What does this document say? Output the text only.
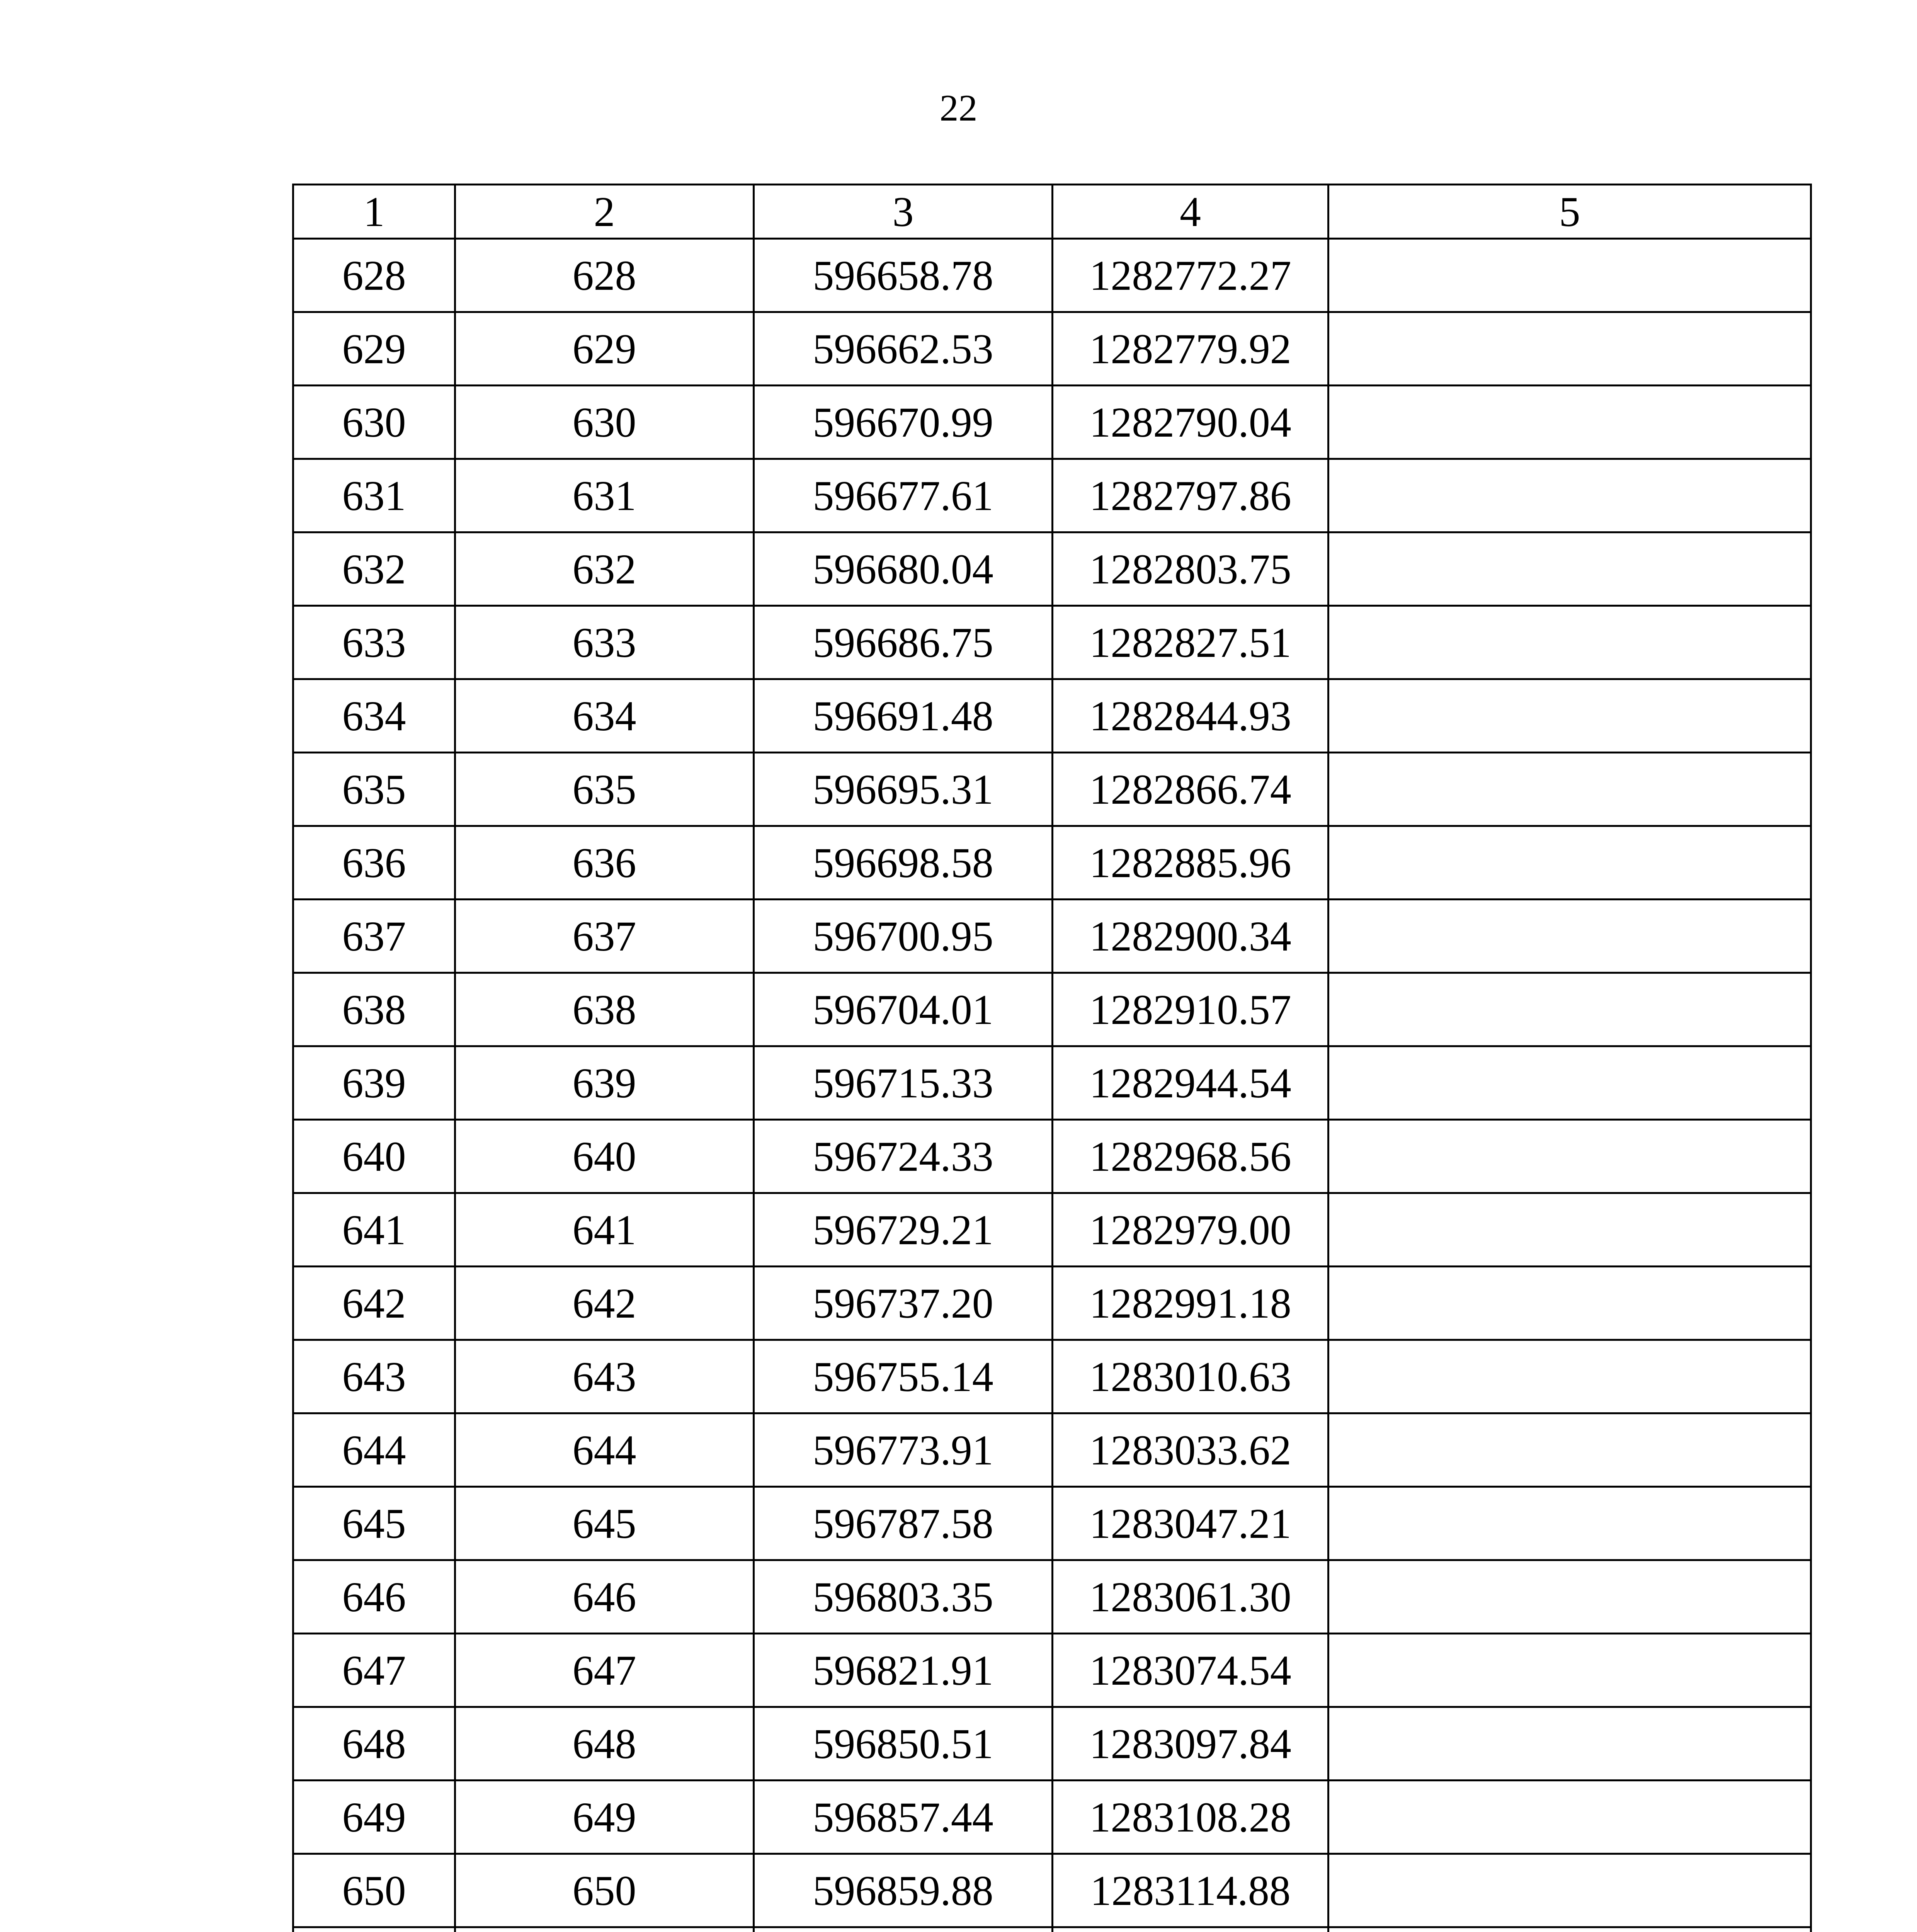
22
1	2	3	4	5
628	628	596658.78	1282772.27	
629	629	596662.53	1282779.92	
630	630	596670.99	1282790.04	
631	631	596677.61	1282797.86	
632	632	596680.04	1282803.75	
633	633	596686.75	1282827.51	
634	634	596691.48	1282844.93	
635	635	596695.31	1282866.74	
636	636	596698.58	1282885.96	
637	637	596700.95	1282900.34	
638	638	596704.01	1282910.57	
639	639	596715.33	1282944.54	
640	640	596724.33	1282968.56	
641	641	596729.21	1282979.00	
642	642	596737.20	1282991.18	
643	643	596755.14	1283010.63	
644	644	596773.91	1283033.62	
645	645	596787.58	1283047.21	
646	646	596803.35	1283061.30	
647	647	596821.91	1283074.54	
648	648	596850.51	1283097.84	
649	649	596857.44	1283108.28	
650	650	596859.88	1283114.88	
